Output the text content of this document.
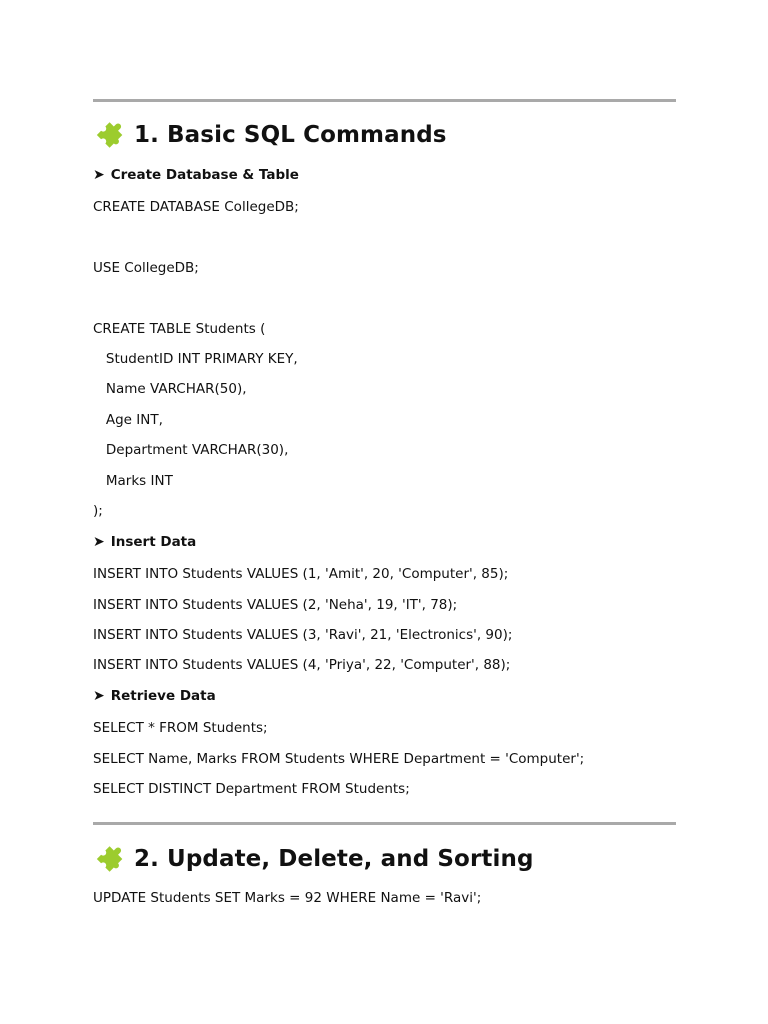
1. Basic SQL Commands
➤ Create Database & Table
CREATE DATABASE CollegeDB;
USE CollegeDB;
CREATE TABLE Students (
StudentID INT PRIMARY KEY,
Name VARCHAR(50),
Age INT,
Department VARCHAR(30),
Marks INT
);
➤ Insert Data
INSERT INTO Students VALUES (1, 'Amit', 20, 'Computer', 85);
INSERT INTO Students VALUES (2, 'Neha', 19, 'IT', 78);
INSERT INTO Students VALUES (3, 'Ravi', 21, 'Electronics', 90);
INSERT INTO Students VALUES (4, 'Priya', 22, 'Computer', 88);
➤ Retrieve Data
SELECT * FROM Students;
SELECT Name, Marks FROM Students WHERE Department = 'Computer';
SELECT DISTINCT Department FROM Students;
2. Update, Delete, and Sorting
UPDATE Students SET Marks = 92 WHERE Name = 'Ravi';
